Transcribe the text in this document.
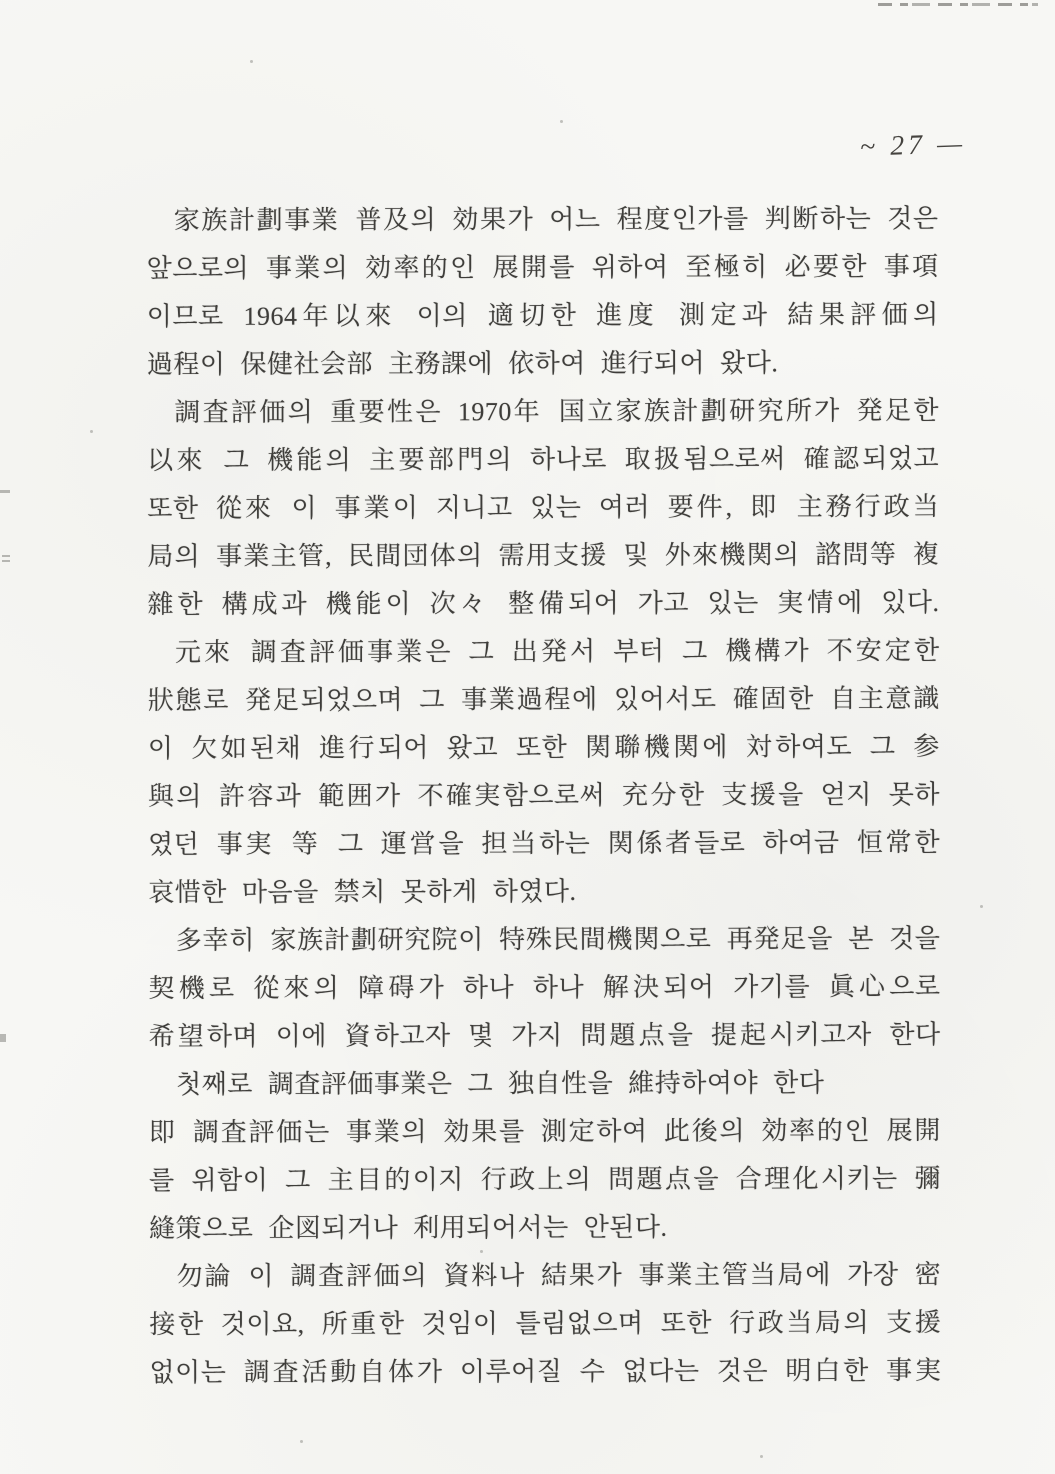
~ 27 —
家族計劃事業 普及의 効果가 어느 程度인가를 判断하는 것은
앞으로의 事業의 効率的인 展開를 위하여 至極히 必要한 事項
이므로 1964年以來 이의 適切한 進度 測定과 結果評価의
過程이 保健社会部 主務課에 依하여 進行되어 왔다.
調査評価의 重要性은 1970年 国立家族計劃研究所가 発足한
以來 그 機能의 主要部門의 하나로 取扱됨으로써 確認되었고
또한 從來 이 事業이 지니고 있는 여러 要件, 即 主務行政当
局의 事業主管, 民間団体의 需用支援 및 外來機関의 諮問等 複
雜한 構成과 機能이 次々 整備되어 가고 있는 実情에 있다.
元來 調査評価事業은 그 出発서 부터 그 機構가 不安定한
狀態로 発足되었으며 그 事業過程에 있어서도 確固한 自主意識
이 欠如된채 進行되어 왔고 또한 関聯機関에 対하여도 그 参
與의 許容과 範囲가 不確実함으로써 充分한 支援을 얻지 못하
였던 事実 等 그 運営을 担当하는 関係者들로 하여금 恒常한
哀惜한 마음을 禁치 못하게 하였다.
多幸히 家族計劃研究院이 特殊民間機関으로 再発足을 본 것을
契機로 從來의 障碍가 하나 하나 解決되어 가기를 眞心으로
希望하며 이에 資하고자 몇 가지 問題点을 提起시키고자 한다
첫째로 調査評価事業은 그 独自性을 維持하여야 한다
即 調査評価는 事業의 効果를 測定하여 此後의 効率的인 展開
를 위함이 그 主目的이지 行政上의 問題点을 合理化시키는 彌
縫策으로 企図되거나 利用되어서는 안된다.
勿論 이 調査評価의 資料나 結果가 事業主管当局에 가장 密
接한 것이요, 所重한 것임이 틀림없으며 또한 行政当局의 支援
없이는 調査活動自体가 이루어질 수 없다는 것은 明白한 事実
